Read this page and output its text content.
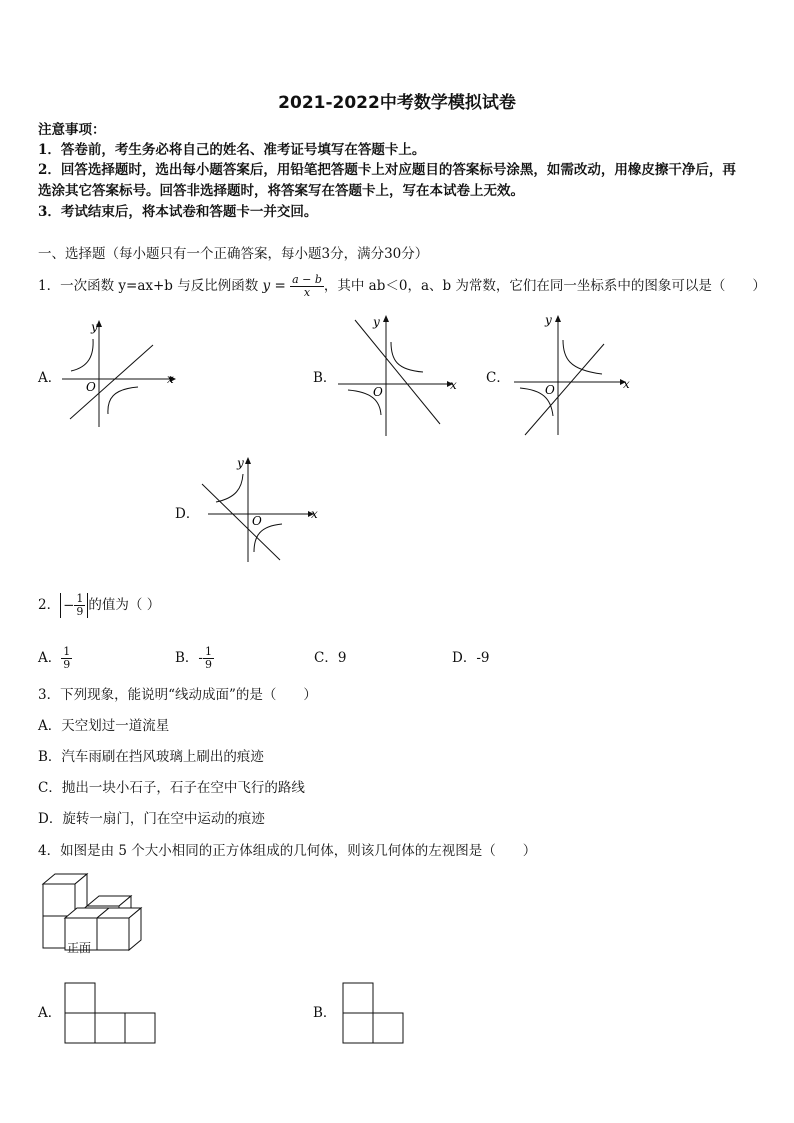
2021-2022中考数学模拟试卷
注意事项：
1．答卷前，考生务必将自己的姓名、准考证号填写在答题卡上。
2．回答选择题时，选出每小题答案后，用铅笔把答题卡上对应题目的答案标号涂黑，如需改动，用橡皮擦干净后，再
选涂其它答案标号。回答非选择题时，将答案写在答题卡上，写在本试卷上无效。
3．考试结束后，将本试卷和答题卡一并交回。
一、选择题（每小题只有一个正确答案，每小题3分，满分30分）
1．一次函数 y=ax+b 与反比例函数 $y = \frac{a - b}{x}$ ，其中 ab＜0，a、b 为常数，它们在同一坐标系中的图象可以是（　　）
A．	B．	C．
D．
O
x
y
O	x
y
O	x
y
O	x
y
2． − $\frac{1}{9}$ 的值为（ ）
A． $\frac{1}{9}$	B．- $\frac{1}{9}$	C．9	D．-9
3．下列现象，能说明“线动成面”的是（　　）
A．天空划过一道流星
B．汽车雨刷在挡风玻璃上刷出的痕迹
C．抛出一块小石子，石子在空中飞行的路线
D．旋转一扇门，门在空中运动的痕迹
4．如图是由 5 个大小相同的正方体组成的几何体，则该几何体的左视图是（　　）
正面
A．	B．
